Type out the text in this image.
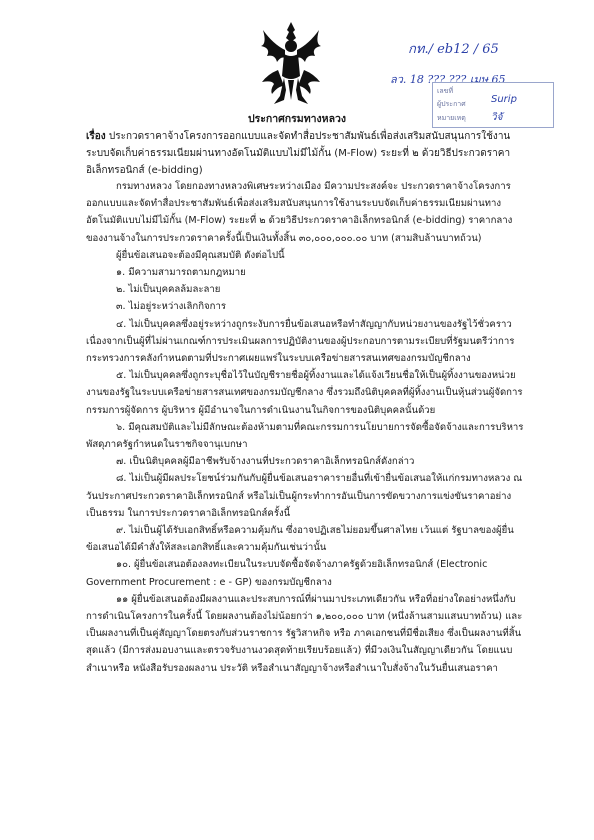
กท./ eb12 / 65
ลว. 18 ??? ??? เมษ 65
เลขที่
ผู้ประกาศ
หมายเหตุ
Surip
วิจั
ประกาศกรมทางหลวง
เรื่อง ประกวดราคาจ้างโครงการออกแบบและจัดทำสื่อประชาสัมพันธ์เพื่อส่งเสริมสนับสนุนการใช้งานระบบจัดเก็บค่าธรรมเนียมผ่านทางอัตโนมัติแบบไม่มีไม้กั้น (M-Flow) ระยะที่ ๒ ด้วยวิธีประกวดราคาอิเล็กทรอนิกส์ (e-bidding)

กรมทางหลวง โดยกองทางหลวงพิเศษระหว่างเมือง มีความประสงค์จะ ประกวดราคาจ้างโครงการออกแบบและจัดทำสื่อประชาสัมพันธ์เพื่อส่งเสริมสนับสนุนการใช้งานระบบจัดเก็บค่าธรรมเนียมผ่านทางอัตโนมัติแบบไม่มีไม้กั้น (M-Flow) ระยะที่ ๒ ด้วยวิธีประกวดราคาอิเล็กทรอนิกส์ (e-bidding) ราคากลางของงานจ้างในการประกวดราคาครั้งนี้เป็นเงินทั้งสิ้น ๓๐,๐๐๐,๐๐๐.๐๐ บาท (สามสิบล้านบาทถ้วน)

ผู้ยื่นข้อเสนอจะต้องมีคุณสมบัติ ดังต่อไปนี้

๑. มีความสามารถตามกฎหมาย

๒. ไม่เป็นบุคคลล้มละลาย

๓. ไม่อยู่ระหว่างเลิกกิจการ

๔. ไม่เป็นบุคคลซึ่งอยู่ระหว่างถูกระงับการยื่นข้อเสนอหรือทำสัญญากับหน่วยงานของรัฐไว้ชั่วคราว เนื่องจากเป็นผู้ที่ไม่ผ่านเกณฑ์การประเมินผลการปฏิบัติงานของผู้ประกอบการตามระเบียบที่รัฐมนตรีว่าการกระทรวงการคลังกำหนดตามที่ประกาศเผยแพร่ในระบบเครือข่ายสารสนเทศของกรมบัญชีกลาง

๕. ไม่เป็นบุคคลซึ่งถูกระบุชื่อไว้ในบัญชีรายชื่อผู้ทิ้งงานและได้แจ้งเวียนชื่อให้เป็นผู้ทิ้งงานของหน่วยงานของรัฐในระบบเครือข่ายสารสนเทศของกรมบัญชีกลาง ซึ่งรวมถึงนิติบุคคลที่ผู้ทิ้งงานเป็นหุ้นส่วนผู้จัดการ กรรมการผู้จัดการ ผู้บริหาร ผู้มีอำนาจในการดำเนินงานในกิจการของนิติบุคคลนั้นด้วย

๖. มีคุณสมบัติและไม่มีลักษณะต้องห้ามตามที่คณะกรรมการนโยบายการจัดซื้อจัดจ้างและการบริหารพัสดุภาครัฐกำหนดในราชกิจจานุเบกษา

๗. เป็นนิติบุคคลผู้มีอาชีพรับจ้างงานที่ประกวดราคาอิเล็กทรอนิกส์ดังกล่าว

๘. ไม่เป็นผู้มีผลประโยชน์ร่วมกันกับผู้ยื่นข้อเสนอราคารายอื่นที่เข้ายื่นข้อเสนอให้แก่กรมทางหลวง ณ วันประกาศประกวดราคาอิเล็กทรอนิกส์ หรือไม่เป็นผู้กระทำการอันเป็นการขัดขวางการแข่งขันราคาอย่างเป็นธรรม ในการประกวดราคาอิเล็กทรอนิกส์ครั้งนี้

๙. ไม่เป็นผู้ได้รับเอกสิทธิ์หรือความคุ้มกัน ซึ่งอาจปฏิเสธไม่ยอมขึ้นศาลไทย เว้นแต่ รัฐบาลของผู้ยื่นข้อเสนอได้มีคำสั่งให้สละเอกสิทธิ์และความคุ้มกันเช่นว่านั้น

๑๐. ผู้ยื่นข้อเสนอต้องลงทะเบียนในระบบจัดซื้อจัดจ้างภาครัฐด้วยอิเล็กทรอนิกส์ (Electronic Government Procurement : e - GP) ของกรมบัญชีกลาง

๑๑ ผู้ยื่นข้อเสนอต้องมีผลงานและประสบการณ์ที่ผ่านมาประเภทเดียวกัน หรือที่อย่างใดอย่างหนึ่งกับการดำเนินโครงการในครั้งนี้ โดยผลงานต้องไม่น้อยกว่า ๑,๒๐๐,๐๐๐ บาท (หนึ่งล้านสามแสนบาทถ้วน) และเป็นผลงานที่เป็นคู่สัญญาโดยตรงกับส่วนราชการ รัฐวิสาหกิจ หรือ ภาคเอกชนที่มีชื่อเสียง ซึ่งเป็นผลงานที่สิ้นสุดแล้ว (มีการส่งมอบงานและตรวจรับงานงวดสุดท้ายเรียบร้อยแล้ว) ที่มีวงเงินในสัญญาเดียวกัน โดยแนบสำเนาหรือ หนังสือรับรองผลงาน ประวัติ หรือสำเนาสัญญาจ้างหรือสำเนาใบสั่งจ้างในวันยื่นเสนอราคา
